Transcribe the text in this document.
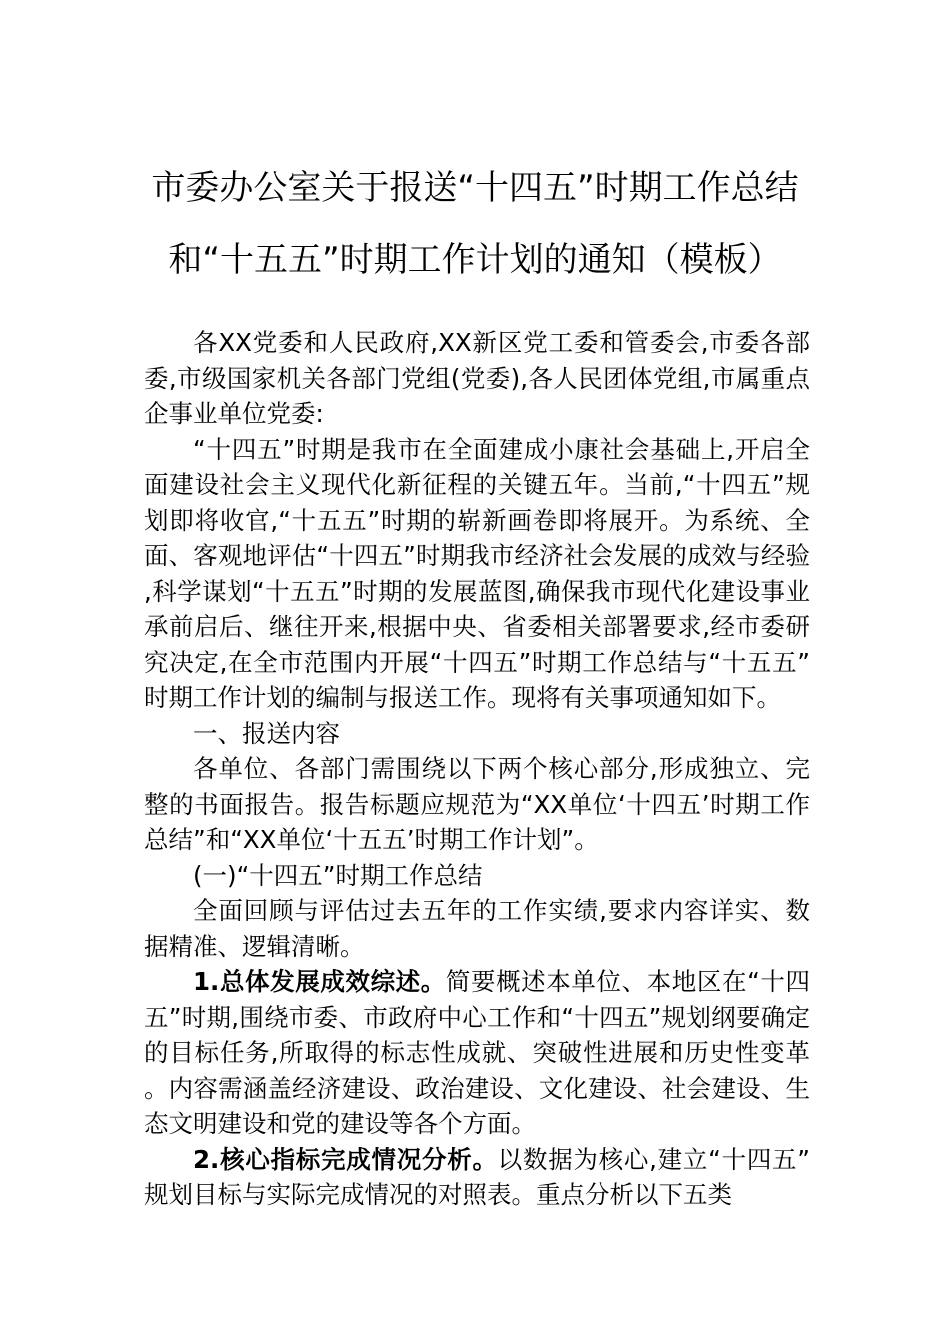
市委办公室关于报送“十四五”时期工作总结
和“十五五”时期工作计划的通知（模板）

各XX党委和人民政府,XX新区党工委和管委会,市委各部委,市级国家机关各部门党组(党委),各人民团体党组,市属重点企事业单位党委:

“十四五”时期是我市在全面建成小康社会基础上,开启全面建设社会主义现代化新征程的关键五年。当前,“十四五”规划即将收官,“十五五”时期的崭新画卷即将展开。为系统、全面、客观地评估“十四五”时期我市经济社会发展的成效与经验,科学谋划“十五五”时期的发展蓝图,确保我市现代化建设事业承前启后、继往开来,根据中央、省委相关部署要求,经市委研究决定,在全市范围内开展“十四五”时期工作总结与“十五五”时期工作计划的编制与报送工作。现将有关事项通知如下。

一、报送内容

各单位、各部门需围绕以下两个核心部分,形成独立、完整的书面报告。报告标题应规范为“XX单位‘十四五’时期工作总结”和“XX单位‘十五五’时期工作计划”。

(一)“十四五”时期工作总结

全面回顾与评估过去五年的工作实绩,要求内容详实、数据精准、逻辑清晰。

1.总体发展成效综述。简要概述本单位、本地区在“十四五”时期,围绕市委、市政府中心工作和“十四五”规划纲要确定的目标任务,所取得的标志性成就、突破性进展和历史性变革。内容需涵盖经济建设、政治建设、文化建设、社会建设、生态文明建设和党的建设等各个方面。

2.核心指标完成情况分析。以数据为核心,建立“十四五”规划目标与实际完成情况的对照表。重点分析以下五类
